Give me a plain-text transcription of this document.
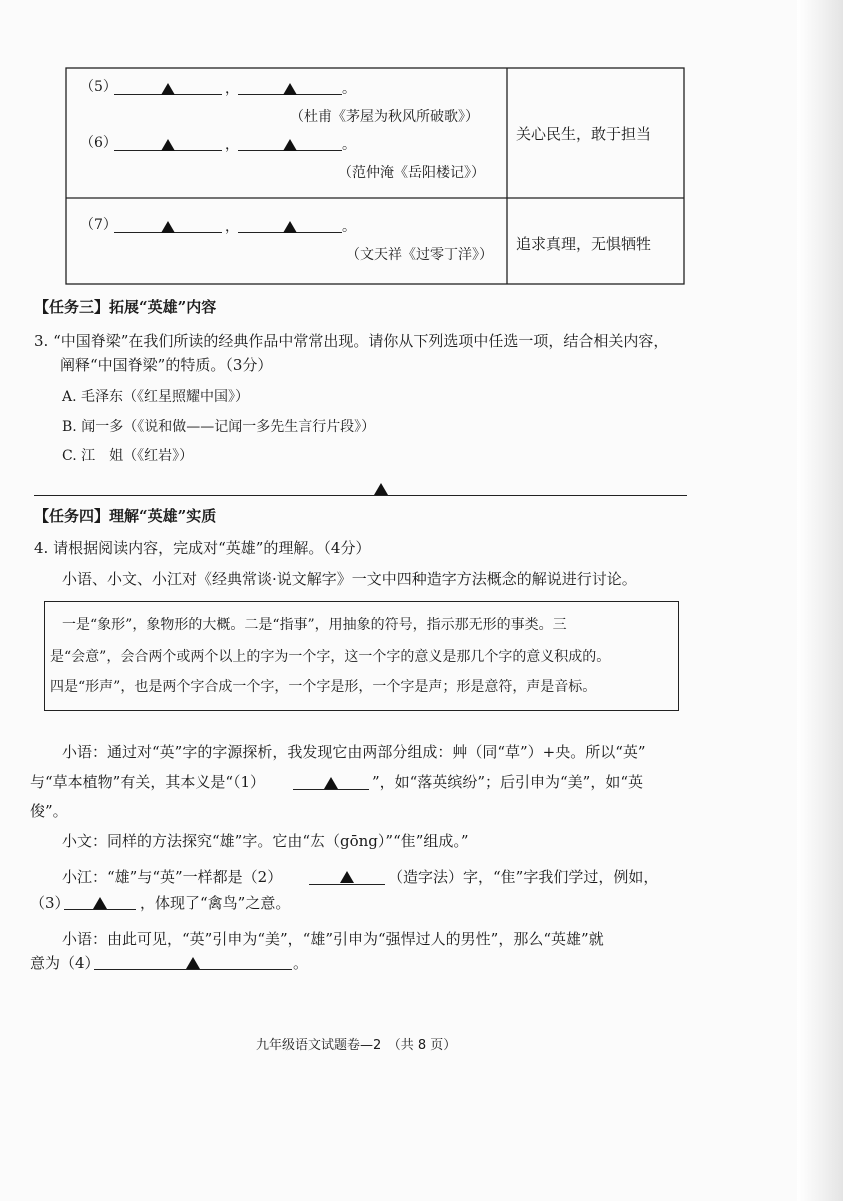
（5）	，	。
（杜甫《茅屋为秋风所破歌》）
（6）	，	。
（范仲淹《岳阳楼记》）
关心民生，敢于担当
（7）	，	。
（文天祥《过零丁洋》）
追求真理，无惧牺牲
【任务三】拓展“英雄”内容
3. “中国脊梁”在我们所读的经典作品中常常出现。请你从下列选项中任选一项，结合相关内容，
阐释“中国脊梁”的特质。（3分）
A. 毛泽东（《红星照耀中国》）
B. 闻一多（《说和做——记闻一多先生言行片段》）
C. 江　姐（《红岩》）
【任务四】理解“英雄”实质
4. 请根据阅读内容，完成对“英雄”的理解。（4分）
小语、小文、小江对《经典常谈·说文解字》一文中四种造字方法概念的解说进行讨论。
一是“象形”，象物形的大概。二是“指事”，用抽象的符号，指示那无形的事类。三
是“会意”，会合两个或两个以上的字为一个字，这一个字的意义是那几个字的意义积成的。
四是“形声”，也是两个字合成一个字，一个字是形，一个字是声；形是意符，声是音标。
小语：通过对“英”字的字源探析，我发现它由两部分组成：艸（同“草”）+央。所以“英”
与“草本植物”有关，其本义是“（1）	”，如“落英缤纷”；后引申为“美”，如“英
俊”。
小文：同样的方法探究“雄”字。它由“厷（gōng）”“隹”组成。”
小江：“雄”与“英”一样都是（2）	（造字法）字，“隹”字我们学过，例如，
（3）	，体现了“禽鸟”之意。
小语：由此可见，“英”引申为“美”，“雄”引申为“强悍过人的男性”，那么“英雄”就
意为（4）	。
九年级语文试题卷—2　（共 8 页）
